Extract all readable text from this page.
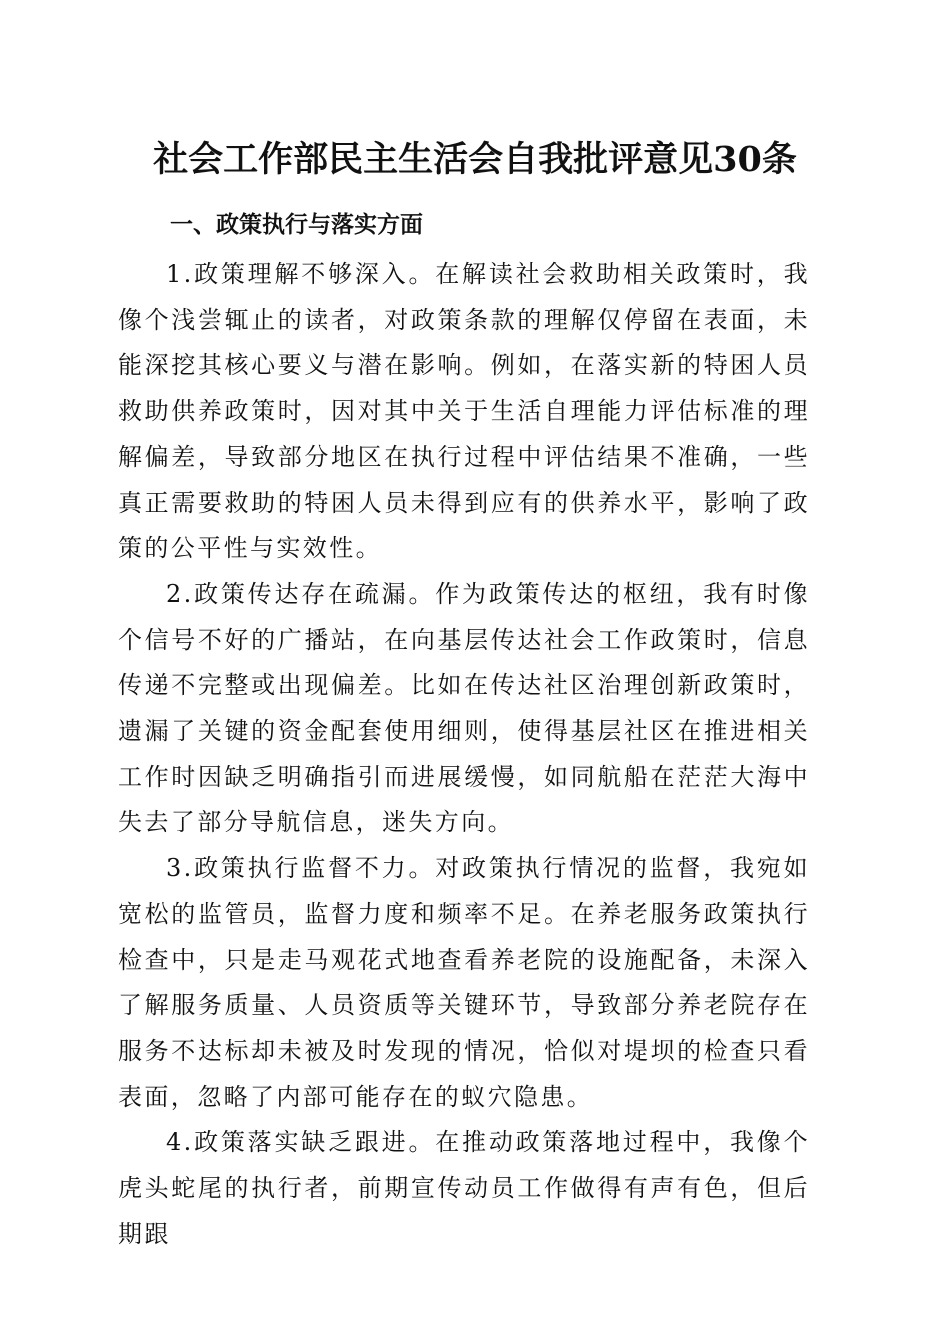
社会工作部民主生活会自我批评意见30条
一、政策执行与落实方面

1.政策理解不够深入。在解读社会救助相关政策时，我像个浅尝辄止的读者，对政策条款的理解仅停留在表面，未能深挖其核心要义与潜在影响。例如，在落实新的特困人员救助供养政策时，因对其中关于生活自理能力评估标准的理解偏差，导致部分地区在执行过程中评估结果不准确，一些真正需要救助的特困人员未得到应有的供养水平，影响了政策的公平性与实效性。

2.政策传达存在疏漏。作为政策传达的枢纽，我有时像个信号不好的广播站，在向基层传达社会工作政策时，信息传递不完整或出现偏差。比如在传达社区治理创新政策时，遗漏了关键的资金配套使用细则，使得基层社区在推进相关工作时因缺乏明确指引而进展缓慢，如同航船在茫茫大海中失去了部分导航信息，迷失方向。

3.政策执行监督不力。对政策执行情况的监督，我宛如宽松的监管员，监督力度和频率不足。在养老服务政策执行检查中，只是走马观花式地查看养老院的设施配备，未深入了解服务质量、人员资质等关键环节，导致部分养老院存在服务不达标却未被及时发现的情况，恰似对堤坝的检查只看表面，忽略了内部可能存在的蚁穴隐患。

4.政策落实缺乏跟进。在推动政策落地过程中，我像个虎头蛇尾的执行者，前期宣传动员工作做得有声有色，但后期跟
